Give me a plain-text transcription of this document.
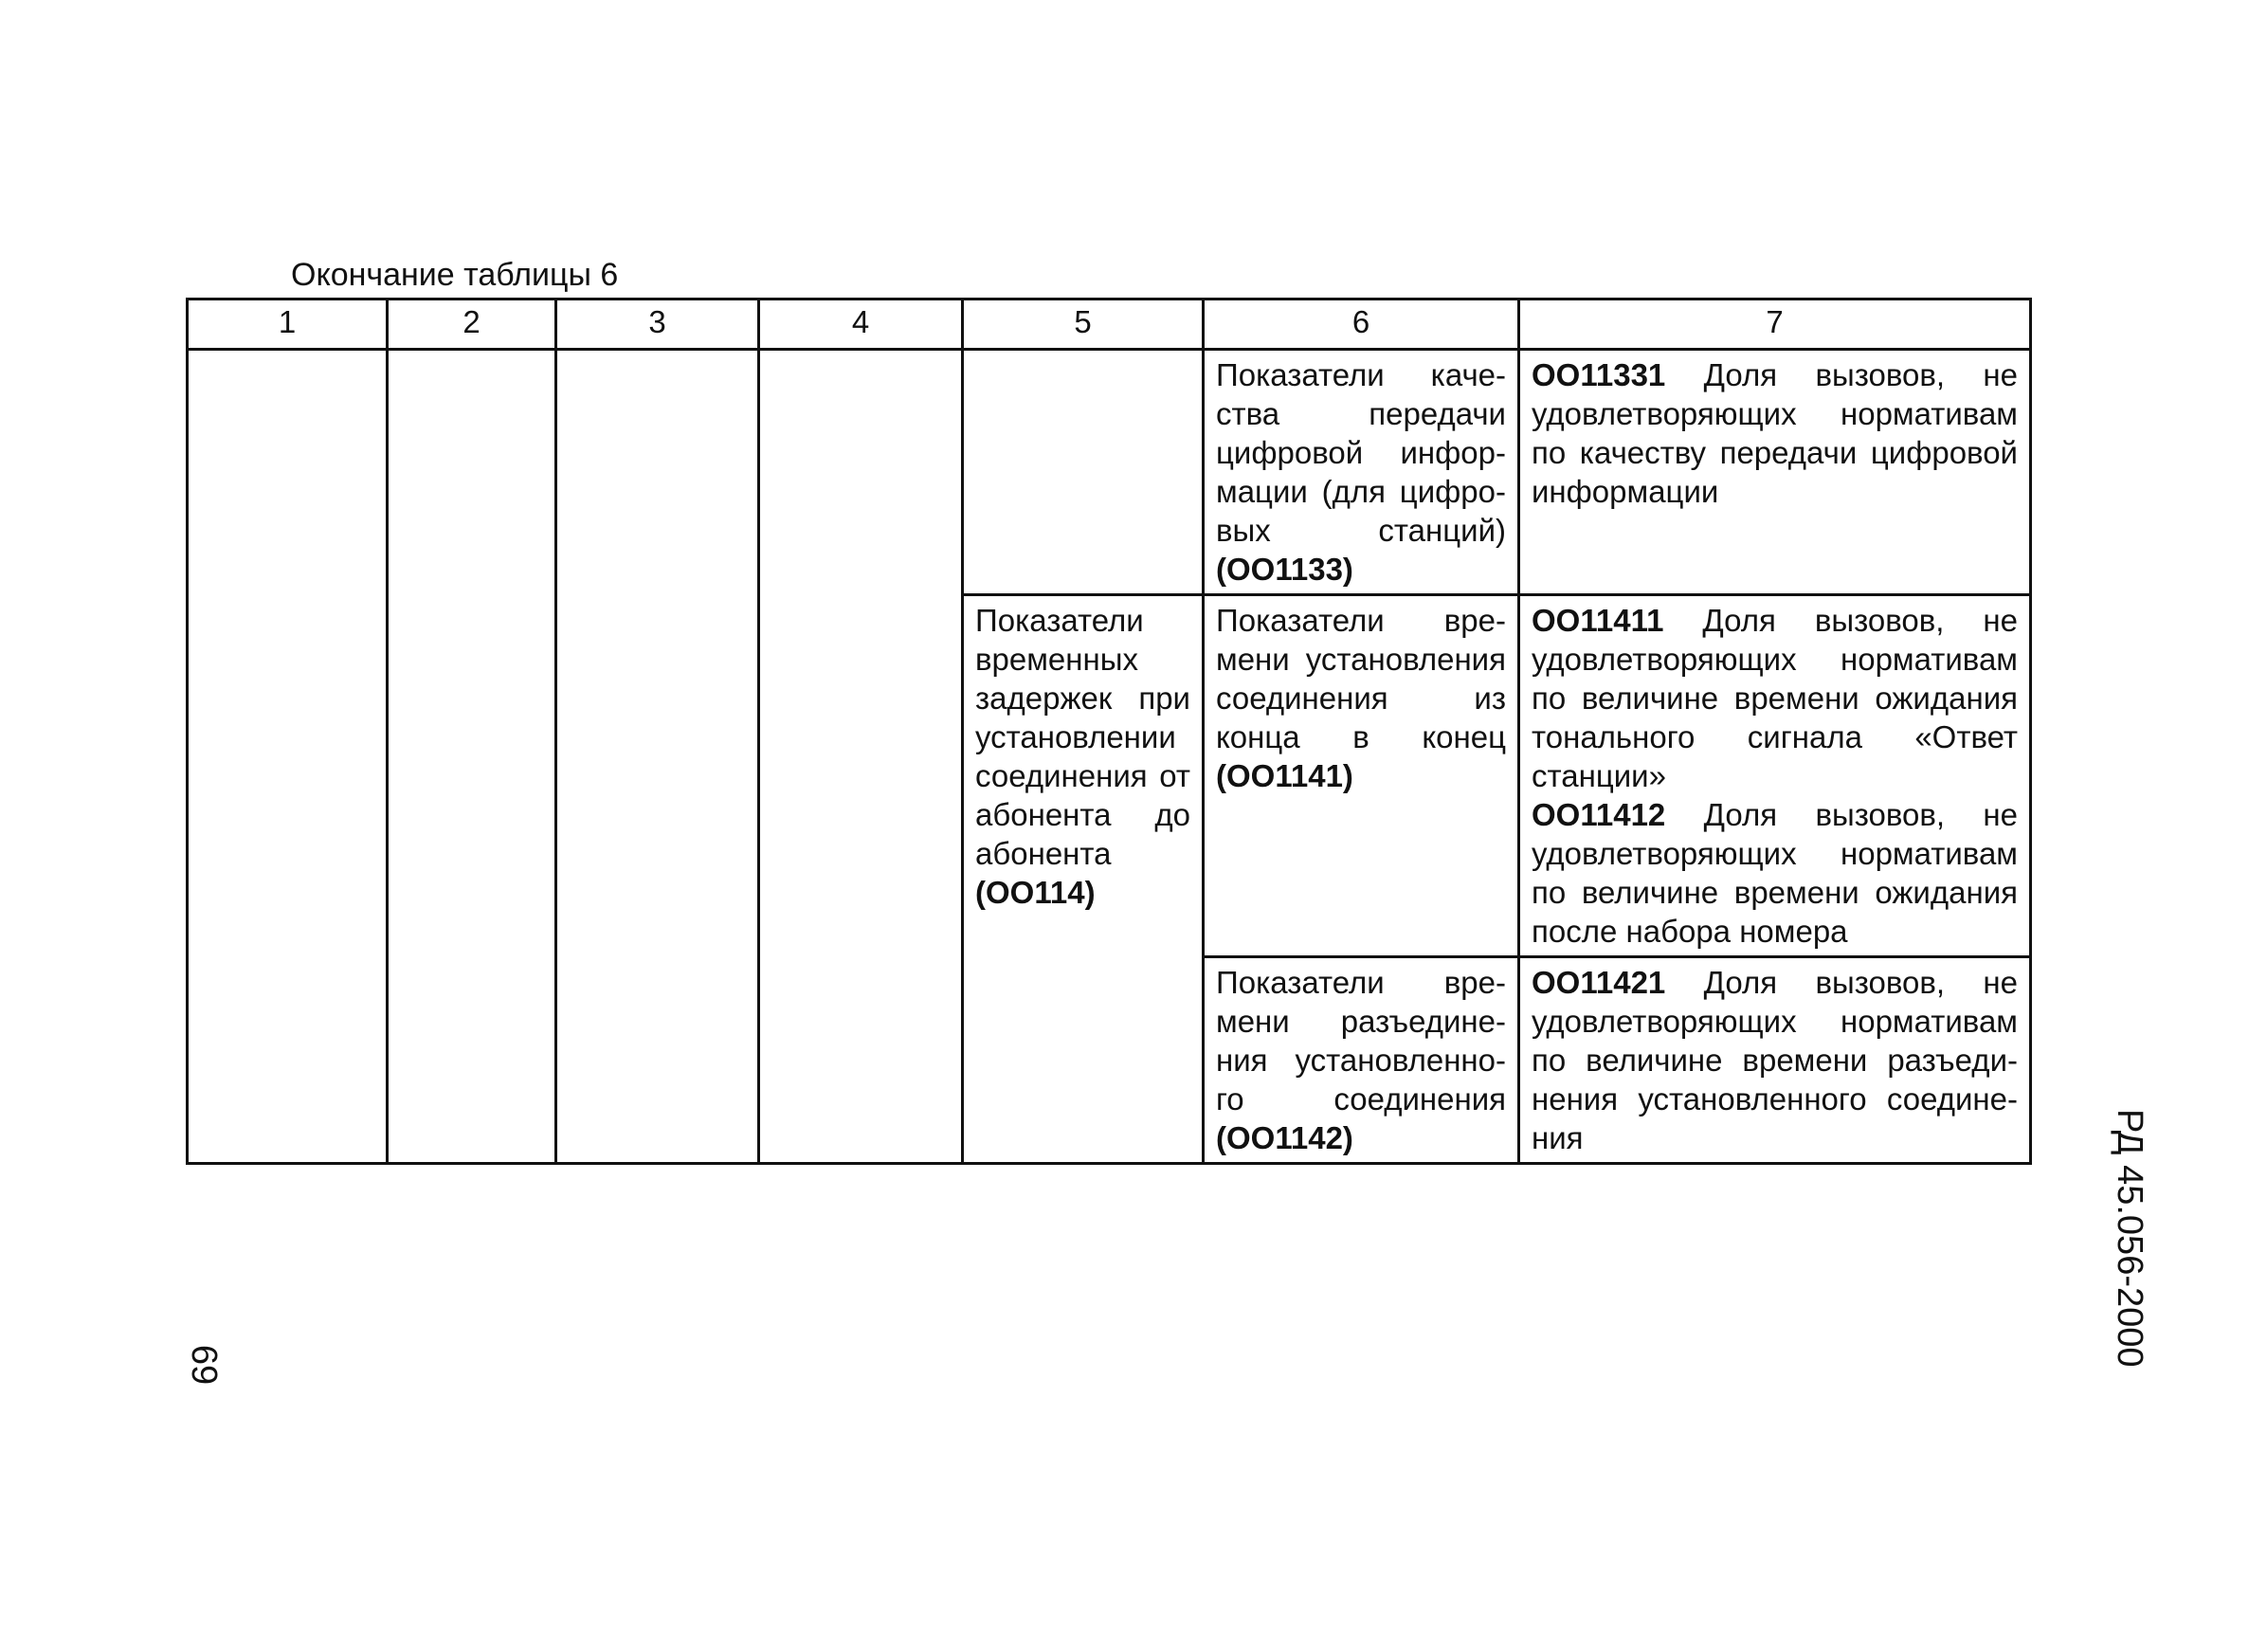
Окончание таблицы 6
1	2	3	4	5	6	7
					Показатели каче-ства передачи цифровой инфор-мации (для цифро-вых станций) (ОО1133)	ОО11331 Доля вызовов, не удовлетворяющих нормативам по качеству передачи цифровой информации

				Показатели временных задержек при установлении соединения от абонента до абонента (ОО114)	Показатели вре-мени установления соединения из конца в конец (ОО1141)	ОО11411 Доля вызовов, не удовлетворяющих нормативам по величине времени ожидания тонального сигнала «Ответ станции»
ОО11412 Доля вызовов, не удовлетворяющих нормативам по величине времени ожидания после набора номера

					Показатели вре-мени разъедине-ния установленно-го соединения (ОО1142)	ОО11421 Доля вызовов, не удовлетворяющих нормативам по величине времени разъеди-нения установленного соедине-ния	РД 45.056-2000
69
